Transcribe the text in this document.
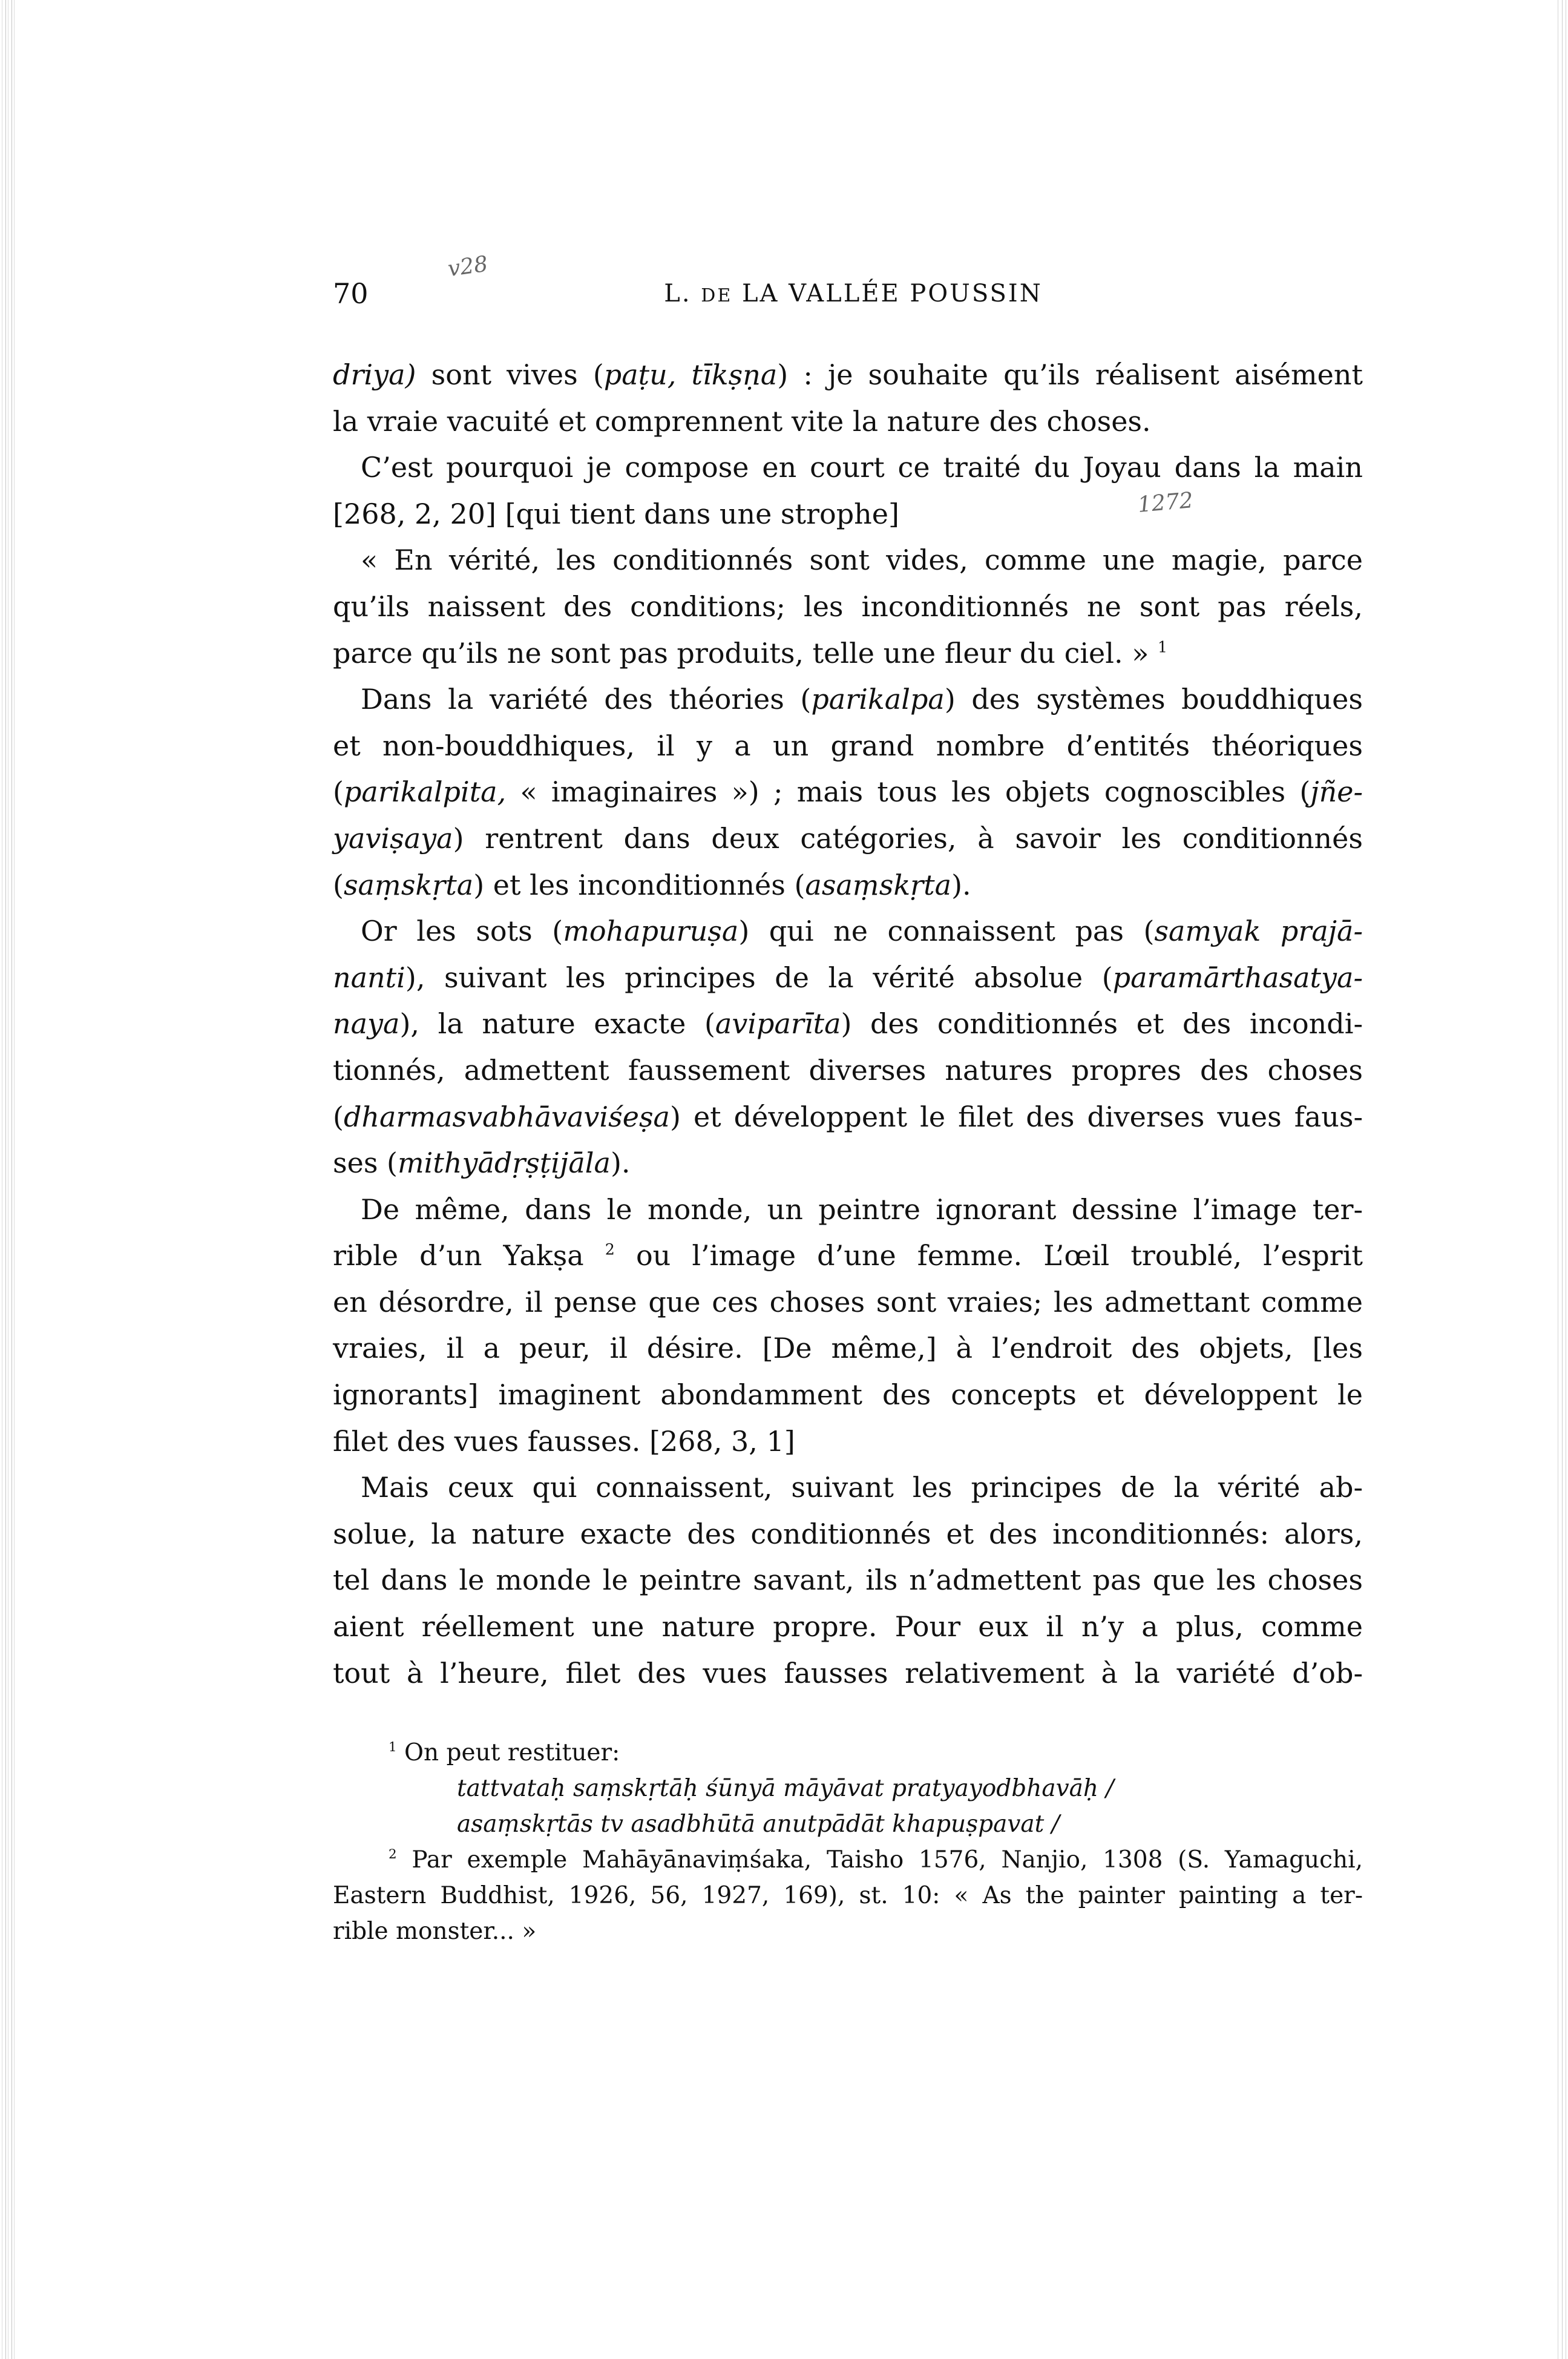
70	L. DE LA VALLÉE POUSSIN
v28
1272
driya) sont vives (paṭu, tīkṣṇa) : je souhaite qu’ils réalisent aisément
la vraie vacuité et comprennent vite la nature des choses.
C’est pourquoi je compose en court ce traité du Joyau dans la main
[268, 2, 20] [qui tient dans une strophe]
« En vérité, les conditionnés sont vides, comme une magie, parce
qu’ils naissent des conditions; les inconditionnés ne sont pas réels,
parce qu’ils ne sont pas produits, telle une fleur du ciel. » $^1$
Dans la variété des théories (parikalpa) des systèmes bouddhiques
et non-bouddhiques, il y a un grand nombre d’entités théoriques
(parikalpita, « imaginaires ») ; mais tous les objets cognoscibles (jñe-
yaviṣaya) rentrent dans deux catégories, à savoir les conditionnés
(saṃskṛta) et les inconditionnés (asaṃskṛta).
Or les sots (mohapuruṣa) qui ne connaissent pas (samyak prajā-
nanti), suivant les principes de la vérité absolue (paramārthasatya-
naya), la nature exacte (aviparīta) des conditionnés et des incondi-
tionnés, admettent faussement diverses natures propres des choses
(dharmasvabhāvaviśeṣa) et développent le filet des diverses vues faus-
ses (mithyādṛṣṭijāla).
De même, dans le monde, un peintre ignorant dessine l’image ter-
rible d’un Yakṣa $^2$ ou l’image d’une femme. L’œil troublé, l’esprit
en désordre, il pense que ces choses sont vraies; les admettant comme
vraies, il a peur, il désire. [De même,] à l’endroit des objets, [les
ignorants] imaginent abondamment des concepts et développent le
filet des vues fausses. [268, 3, 1]
Mais ceux qui connaissent, suivant les principes de la vérité ab-
solue, la nature exacte des conditionnés et des inconditionnés: alors,
tel dans le monde le peintre savant, ils n’admettent pas que les choses
aient réellement une nature propre. Pour eux il n’y a plus, comme
tout à l’heure, filet des vues fausses relativement à la variété d’ob-
$^1$ On peut restituer:
tattvataḥ saṃskṛtāḥ śūnyā māyāvat pratyayodbhavāḥ /
asaṃskṛtās tv asadbhūtā anutpādāt khapuṣpavat /
$^2$ Par exemple Mahāyānaviṃśaka, Taisho 1576, Nanjio, 1308 (S. Yamaguchi,
Eastern Buddhist, 1926, 56, 1927, 169), st. 10: « As the painter painting a ter-
rible monster... »
